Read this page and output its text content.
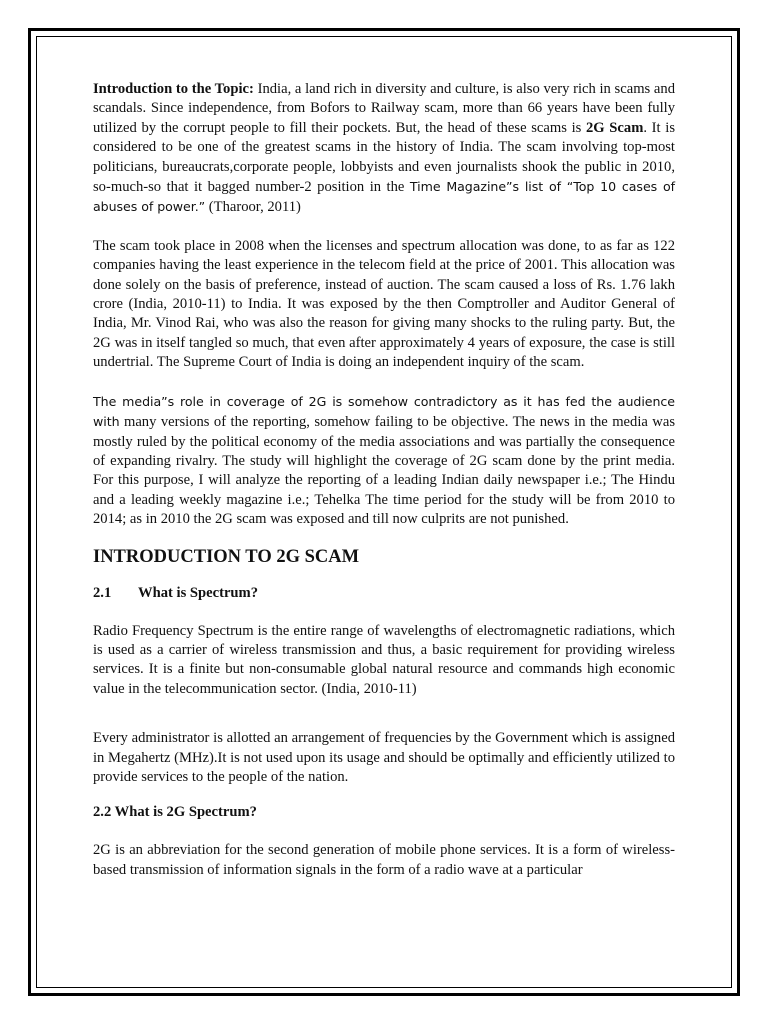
Introduction to the Topic: India, a land rich in diversity and culture, is also very rich in scams and scandals. Since independence, from Bofors to Railway scam, more than 66 years have been fully utilized by the corrupt people to fill their pockets. But, the head of these scams is 2G Scam. It is considered to be one of the greatest scams in the history of India. The scam involving top-most politicians, bureaucrats,corporate people, lobbyists and even journalists shook the public in 2010, so-much-so that it bagged number-2 position in the Time Magazine”s list of “Top 10 cases of abuses of power.” (Tharoor, 2011)

The scam took place in 2008 when the licenses and spectrum allocation was done, to as far as 122 companies having the least experience in the telecom field at the price of 2001. This allocation was done solely on the basis of preference, instead of auction. The scam caused a loss of Rs. 1.76 lakh crore (India, 2010-11) to India. It was exposed by the then Comptroller and Auditor General of India, Mr. Vinod Rai, who was also the reason for giving many shocks to the ruling party. But, the 2G was in itself tangled so much, that even after approximately 4 years of exposure, the case is still undertrial. The Supreme Court of India is doing an independent inquiry of the scam.

The media”s role in coverage of 2G is somehow contradictory as it has fed the audience with many versions of the reporting, somehow failing to be objective. The news in the media was mostly ruled by the political economy of the media associations and was partially the consequence of expanding rivalry. The study will highlight the coverage of 2G scam done by the print media. For this purpose, I will analyze the reporting of a leading Indian daily newspaper i.e.; The Hindu and a leading weekly magazine i.e.; Tehelka The time period for the study will be from 2010 to 2014; as in 2010 the 2G scam was exposed and till now culprits are not punished.

INTRODUCTION TO 2G SCAM
2.1 What is Spectrum?

Radio Frequency Spectrum is the entire range of wavelengths of electromagnetic radiations, which is used as a carrier of wireless transmission and thus, a basic requirement for providing wireless services. It is a finite but non-consumable global natural resource and commands high economic value in the telecommunication sector. (India, 2010-11)

Every administrator is allotted an arrangement of frequencies by the Government which is assigned in Megahertz (MHz).It is not used upon its usage and should be optimally and efficiently utilized to provide services to the people of the nation.

2.2 What is 2G Spectrum?

2G is an abbreviation for the second generation of mobile phone services. It is a form of wireless-based transmission of information signals in the form of a radio wave at a particular
